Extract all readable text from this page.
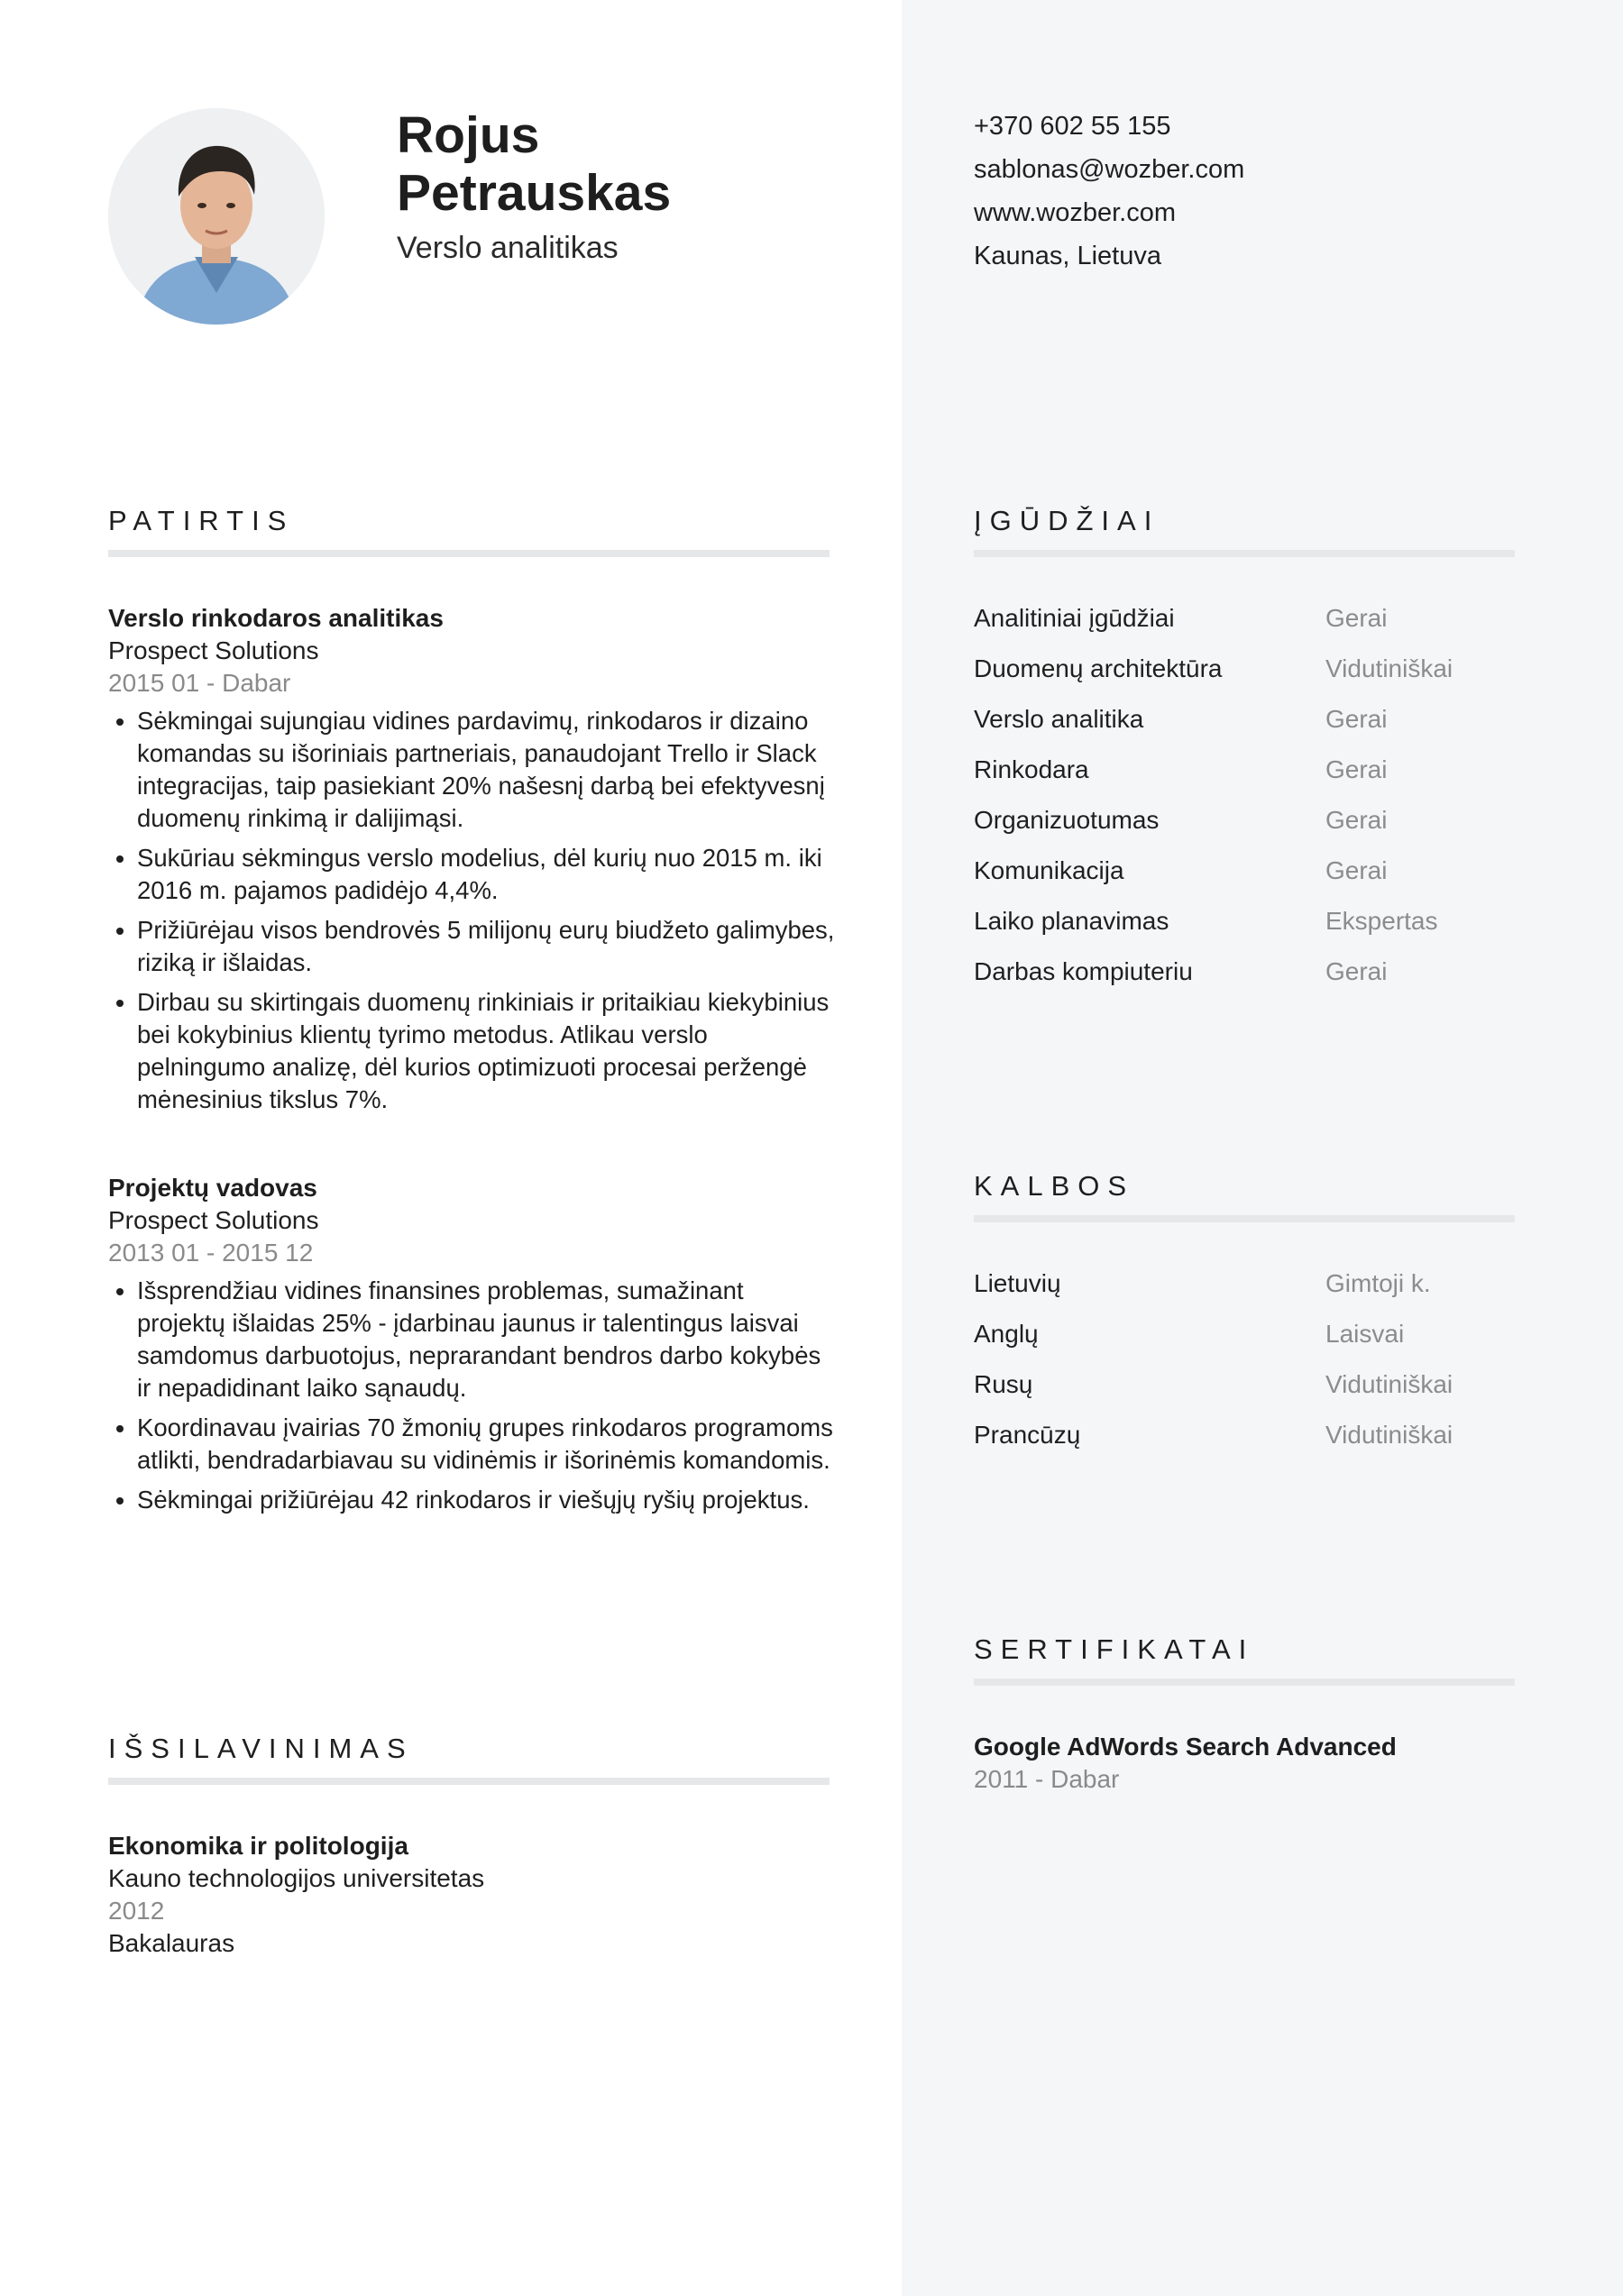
Rojus
Petrauskas
Verslo analitikas
+370 602 55 155
sablonas@wozber.com
www.wozber.com
Kaunas, Lietuva
PATIRTIS
Verslo rinkodaros analitikas
Prospect Solutions
2015 01 - Dabar
• Sėkmingai sujungiau vidines pardavimų, rinkodaros ir dizaino komandas su išoriniais partneriais, panaudojant Trello ir Slack integracijas, taip pasiekiant 20% našesnį darbą bei efektyvesnį duomenų rinkimą ir dalijimąsi.
• Sukūriau sėkmingus verslo modelius, dėl kurių nuo 2015 m. iki 2016 m. pajamos padidėjo 4,4%.
• Prižiūrėjau visos bendrovės 5 milijonų eurų biudžeto galimybes, riziką ir išlaidas.
• Dirbau su skirtingais duomenų rinkiniais ir pritaikiau kiekybinius bei kokybinius klientų tyrimo metodus. Atlikau verslo pelningumo analizę, dėl kurios optimizuoti procesai peržengė mėnesinius tikslus 7%.
Projektų vadovas
Prospect Solutions
2013 01 - 2015 12
• Išsprendžiau vidines finansines problemas, sumažinant projektų išlaidas 25% - įdarbinau jaunus ir talentingus laisvai samdomus darbuotojus, neprarandant bendros darbo kokybės ir nepadidinant laiko sąnaudų.
• Koordinavau įvairias 70 žmonių grupes rinkodaros programoms atlikti, bendradarbiavau su vidinėmis ir išorinėmis komandomis.
• Sėkmingai prižiūrėjau 42 rinkodaros ir viešųjų ryšių projektus.
IŠSILAVINIMAS
Ekonomika ir politologija
Kauno technologijos universitetas
2012
Bakalauras
ĮGŪDŽIAI
Analitiniai įgūdžiai	Gerai
Duomenų architektūra	Vidutiniškai
Verslo analitika	Gerai
Rinkodara	Gerai
Organizuotumas	Gerai
Komunikacija	Gerai
Laiko planavimas	Ekspertas
Darbas kompiuteriu	Gerai
KALBOS
Lietuvių	Gimtoji k.
Anglų	Laisvai
Rusų	Vidutiniškai
Prancūzų	Vidutiniškai
SERTIFIKATAI
Google AdWords Search Advanced
2011 - Dabar
